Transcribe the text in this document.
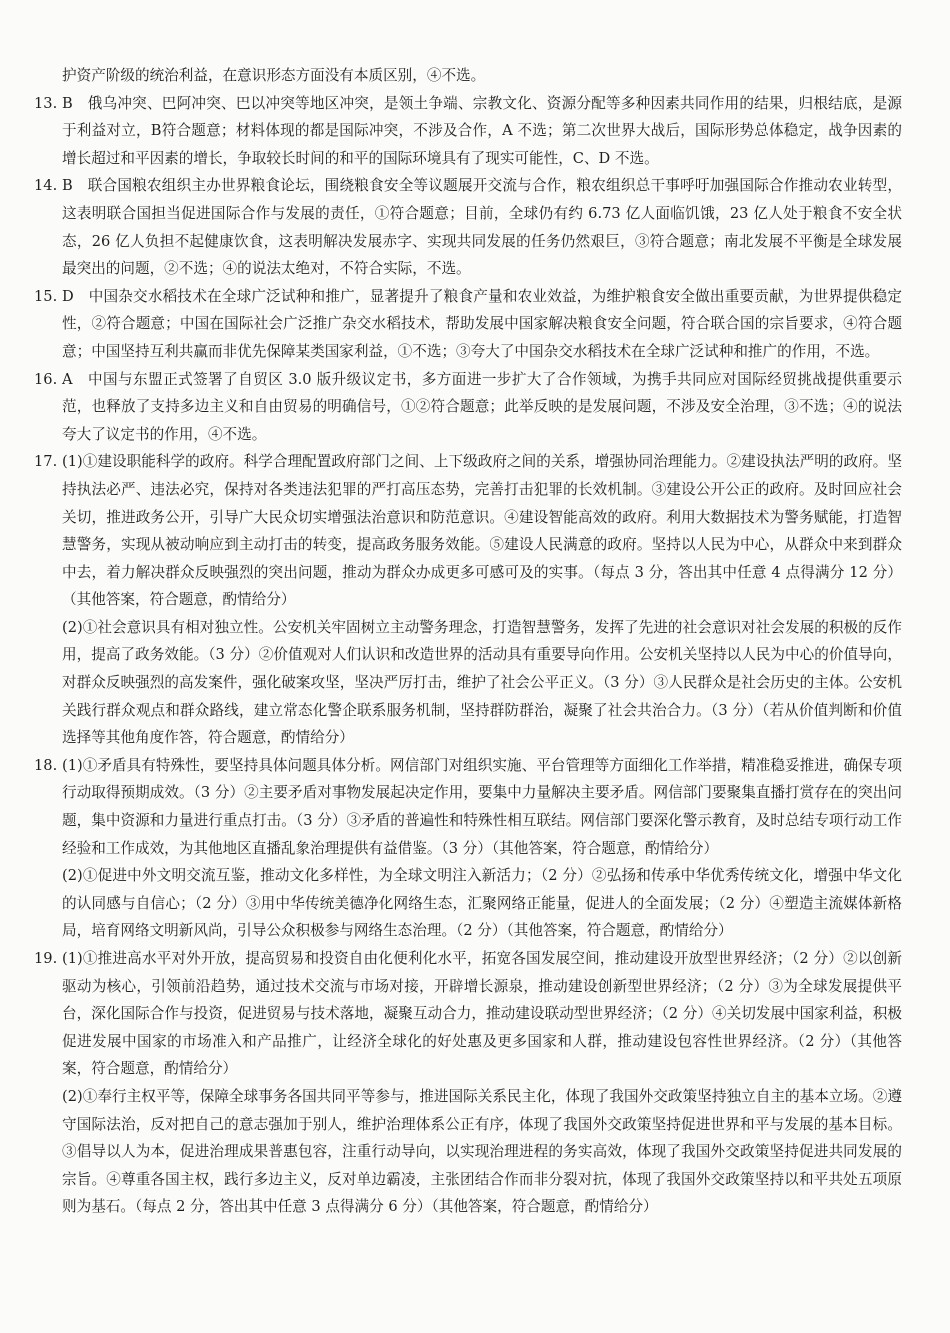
护资产阶级的统治利益，在意识形态方面没有本质区别，④不选。

13. B　俄乌冲突、巴阿冲突、巴以冲突等地区冲突，是领土争端、宗教文化、资源分配等多种因素共同作用的结果，归根结底，是源于利益对立，B符合题意；材料体现的都是国际冲突，不涉及合作，A 不选；第二次世界大战后，国际形势总体稳定，战争因素的增长超过和平因素的增长，争取较长时间的和平的国际环境具有了现实可能性，C、D 不选。

14. B　联合国粮农组织主办世界粮食论坛，围绕粮食安全等议题展开交流与合作，粮农组织总干事呼吁加强国际合作推动农业转型，这表明联合国担当促进国际合作与发展的责任，①符合题意；目前，全球仍有约 6.73 亿人面临饥饿，23 亿人处于粮食不安全状态，26 亿人负担不起健康饮食，这表明解决发展赤字、实现共同发展的任务仍然艰巨，③符合题意；南北发展不平衡是全球发展最突出的问题，②不选；④的说法太绝对，不符合实际，不选。

15. D　中国杂交水稻技术在全球广泛试种和推广，显著提升了粮食产量和农业效益，为维护粮食安全做出重要贡献，为世界提供稳定性，②符合题意；中国在国际社会广泛推广杂交水稻技术，帮助发展中国家解决粮食安全问题，符合联合国的宗旨要求，④符合题意；中国坚持互利共赢而非优先保障某类国家利益，①不选；③夸大了中国杂交水稻技术在全球广泛试种和推广的作用，不选。

16. A　中国与东盟正式签署了自贸区 3.0 版升级议定书，多方面进一步扩大了合作领域，为携手共同应对国际经贸挑战提供重要示范，也释放了支持多边主义和自由贸易的明确信号，①②符合题意；此举反映的是发展问题，不涉及安全治理，③不选；④的说法夸大了议定书的作用，④不选。

17. (1)①建设职能科学的政府。科学合理配置政府部门之间、上下级政府之间的关系，增强协同治理能力。②建设执法严明的政府。坚持执法必严、违法必究，保持对各类违法犯罪的严打高压态势，完善打击犯罪的长效机制。③建设公开公正的政府。及时回应社会关切，推进政务公开，引导广大民众切实增强法治意识和防范意识。④建设智能高效的政府。利用大数据技术为警务赋能，打造智慧警务，实现从被动响应到主动打击的转变，提高政务服务效能。⑤建设人民满意的政府。坚持以人民为中心，从群众中来到群众中去，着力解决群众反映强烈的突出问题，推动为群众办成更多可感可及的实事。（每点 3 分，答出其中任意 4 点得满分 12 分）（其他答案，符合题意，酌情给分）

(2)①社会意识具有相对独立性。公安机关牢固树立主动警务理念，打造智慧警务，发挥了先进的社会意识对社会发展的积极的反作用，提高了政务效能。（3 分）②价值观对人们认识和改造世界的活动具有重要导向作用。公安机关坚持以人民为中心的价值导向，对群众反映强烈的高发案件，强化破案攻坚，坚决严厉打击，维护了社会公平正义。（3 分）③人民群众是社会历史的主体。公安机关践行群众观点和群众路线，建立常态化警企联系服务机制，坚持群防群治，凝聚了社会共治合力。（3 分）（若从价值判断和价值选择等其他角度作答，符合题意，酌情给分）

18. (1)①矛盾具有特殊性，要坚持具体问题具体分析。网信部门对组织实施、平台管理等方面细化工作举措，精准稳妥推进，确保专项行动取得预期成效。（3 分）②主要矛盾对事物发展起决定作用，要集中力量解决主要矛盾。网信部门要聚集直播打赏存在的突出问题，集中资源和力量进行重点打击。（3 分）③矛盾的普遍性和特殊性相互联结。网信部门要深化警示教育，及时总结专项行动工作经验和工作成效，为其他地区直播乱象治理提供有益借鉴。（3 分）（其他答案，符合题意，酌情给分）

(2)①促进中外文明交流互鉴，推动文化多样性，为全球文明注入新活力；（2 分）②弘扬和传承中华优秀传统文化，增强中华文化的认同感与自信心；（2 分）③用中华传统美德净化网络生态，汇聚网络正能量，促进人的全面发展；（2 分）④塑造主流媒体新格局，培育网络文明新风尚，引导公众积极参与网络生态治理。（2 分）（其他答案，符合题意，酌情给分）

19. (1)①推进高水平对外开放，提高贸易和投资自由化便利化水平，拓宽各国发展空间，推动建设开放型世界经济；（2 分）②以创新驱动为核心，引领前沿趋势，通过技术交流与市场对接，开辟增长源泉，推动建设创新型世界经济；（2 分）③为全球发展提供平台，深化国际合作与投资，促进贸易与技术落地，凝聚互动合力，推动建设联动型世界经济；（2 分）④关切发展中国家利益，积极促进发展中国家的市场准入和产品推广，让经济全球化的好处惠及更多国家和人群，推动建设包容性世界经济。（2 分）（其他答案，符合题意，酌情给分）

(2)①奉行主权平等，保障全球事务各国共同平等参与，推进国际关系民主化，体现了我国外交政策坚持独立自主的基本立场。②遵守国际法治，反对把自己的意志强加于别人，维护治理体系公正有序，体现了我国外交政策坚持促进世界和平与发展的基本目标。③倡导以人为本，促进治理成果普惠包容，注重行动导向，以实现治理进程的务实高效，体现了我国外交政策坚持促进共同发展的宗旨。④尊重各国主权，践行多边主义，反对单边霸凌，主张团结合作而非分裂对抗，体现了我国外交政策坚持以和平共处五项原则为基石。（每点 2 分，答出其中任意 3 点得满分 6 分）（其他答案，符合题意，酌情给分）
